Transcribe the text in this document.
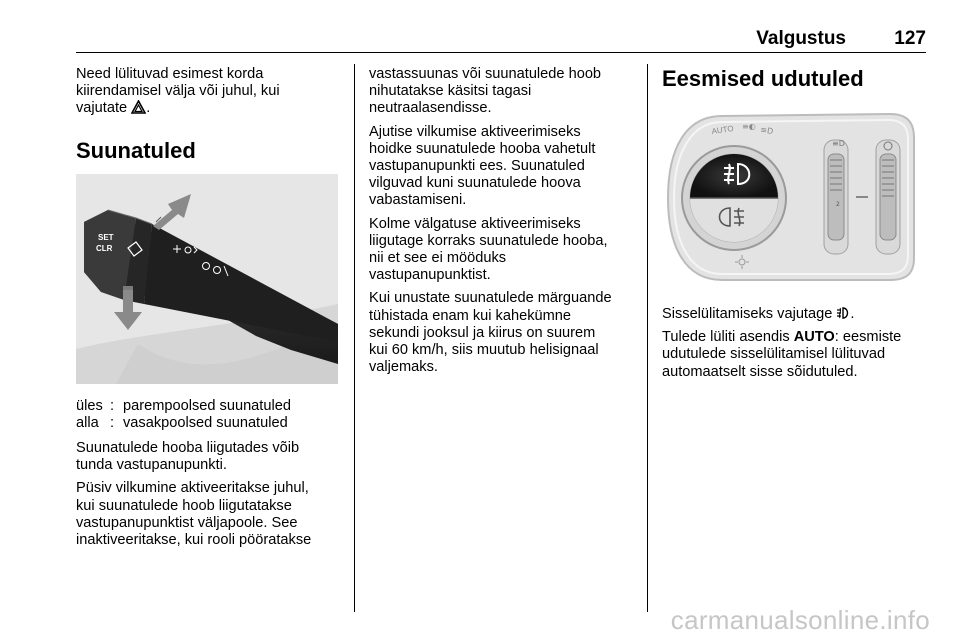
Valgustus	127

Need lülituvad esimest korda
kiirendamisel välja või juhul, kui
vajutate .

Suunatuled
SET
CLR
üles	:	parempoolsed suunatuled
alla	:	vasakpoolsed suunatuled

Suunatulede hooba liigutades võib
tunda vastupanupunkti.

Püsiv vilkumine aktiveeritakse juhul,
kui suunatulede hoob liigutatakse
vastupanupunktist väljapoole. See
inaktiveeritakse, kui rooli pööratakse

vastassuunas või suunatulede hoob
nihutatakse käsitsi tagasi
neutraalasendisse.

Ajutise vilkumise aktiveerimiseks
hoidke suunatulede hooba vahetult
vastupanupunkti ees. Suunatuled
vilguvad kuni suunatulede hoova
vabastamiseni.

Kolme välgatuse aktiveerimiseks
liigutage korraks suunatulede hooba,
nii et see ei mööduks
vastupanupunktist.

Kui unustate suunatulede märguande
tühistada enam kui kahekümne
sekundi jooksul ja kiirus on suurem
kui 60 km/h, siis muutub helisignaal
valjemaks.

Eesmised udutuled
AUTO ≡◐ ≡D
≡D
2

Sisselülitamiseks vajutage .

Tulede lüliti asendis AUTO: eesmiste
udutulede sisselülitamisel lülituvad
automaatselt sisse sõidutuled.

carmanualsonline.info
